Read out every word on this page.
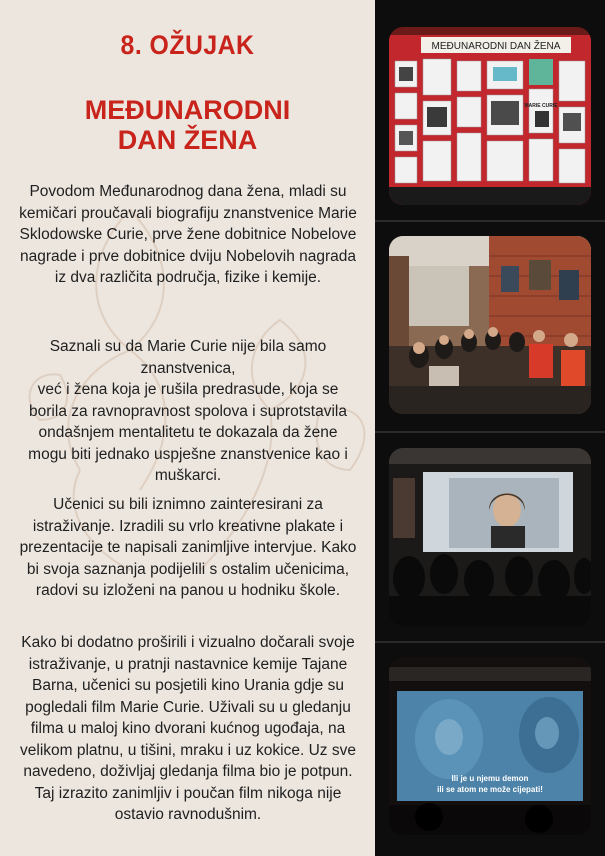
8. OŽUJAK
MEĐUNARODNI
DAN ŽENA

Povodom Međunarodnog dana žena, mladi su kemičari proučavali biografiju znanstvenice Marie Sklodowske Curie, prve žene dobitnice Nobelove nagrade i prve dobitnice dviju Nobelovih nagrada iz dva različita područja, fizike i kemije.

Saznali su da Marie Curie nije bila samo znanstvenica,
već i žena koja je rušila predrasude, koja se borila za ravnopravnost spolova i suprotstavila ondašnjem mentalitetu te dokazala da žene mogu biti jednako uspješne znanstvenice kao i muškarci.

Učenici su bili iznimno zainteresirani za istraživanje. Izradili su vrlo kreativne plakate i prezentacije te napisali zanimljive intervjue. Kako bi svoja saznanja podijelili s ostalim učenicima, radovi su izloženi na panou u hodniku škole.

Kako bi dodatno proširili i vizualno dočarali svoje istraživanje, u pratnji nastavnice kemije Tajane Barna, učenici su posjetili kino Urania gdje su pogledali film Marie Curie. Uživali su u gledanju filma u maloj kino dvorani kućnog ugođaja, na velikom platnu, u tišini, mraku i uz kokice. Uz sve navedeno, doživljaj gledanja filma bio je potpun. Taj izrazito zanimljiv i poučan film nikoga nije ostavio ravnodušnim.

MEĐUNARODNI DAN ŽENA
MARIE CURIE
Ili je u njemu demon
ili se atom ne može cijepati!
